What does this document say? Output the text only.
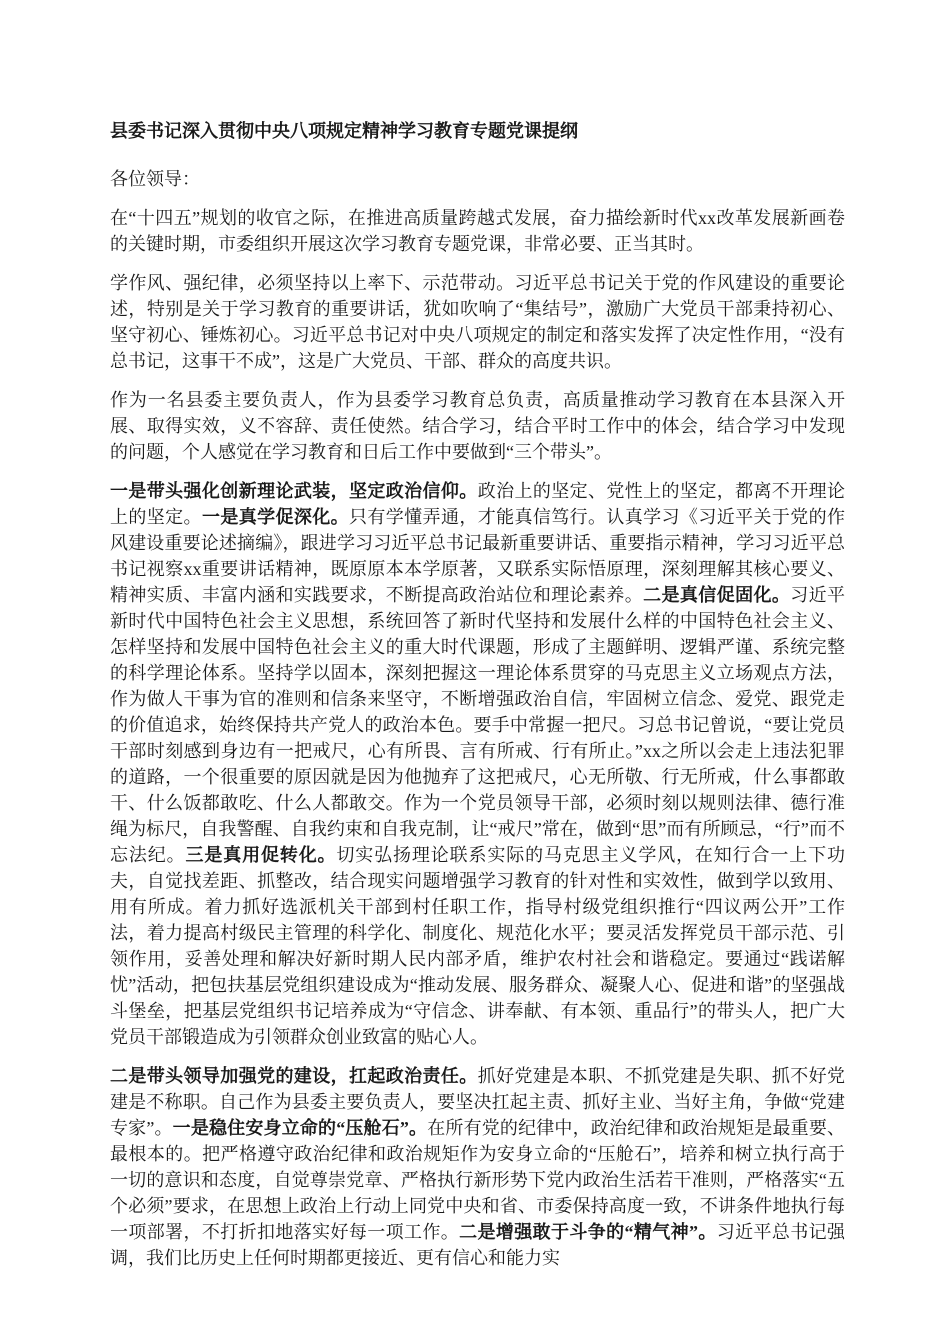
县委书记深入贯彻中央八项规定精神学习教育专题党课提纲

各位领导：

在“十四五”规划的收官之际，在推进高质量跨越式发展，奋力描绘新时代xx改革发展新画卷的关键时期，市委组织开展这次学习教育专题党课，非常必要、正当其时。

学作风、强纪律，必须坚持以上率下、示范带动。习近平总书记关于党的作风建设的重要论述，特别是关于学习教育的重要讲话，犹如吹响了“集结号”，激励广大党员干部秉持初心、坚守初心、锤炼初心。习近平总书记对中央八项规定的制定和落实发挥了决定性作用，“没有总书记，这事干不成”，这是广大党员、干部、群众的高度共识。

作为一名县委主要负责人，作为县委学习教育总负责，高质量推动学习教育在本县深入开展、取得实效，义不容辞、责任使然。结合学习，结合平时工作中的体会，结合学习中发现的问题，个人感觉在学习教育和日后工作中要做到“三个带头”。

一是带头强化创新理论武装，坚定政治信仰。政治上的坚定、党性上的坚定，都离不开理论上的坚定。一是真学促深化。只有学懂弄通，才能真信笃行。认真学习《习近平关于党的作风建设重要论述摘编》，跟进学习习近平总书记最新重要讲话、重要指示精神，学习习近平总书记视察xx重要讲话精神，既原原本本学原著，又联系实际悟原理，深刻理解其核心要义、精神实质、丰富内涵和实践要求，不断提高政治站位和理论素养。二是真信促固化。习近平新时代中国特色社会主义思想，系统回答了新时代坚持和发展什么样的中国特色社会主义、怎样坚持和发展中国特色社会主义的重大时代课题，形成了主题鲜明、逻辑严谨、系统完整的科学理论体系。坚持学以固本，深刻把握这一理论体系贯穿的马克思主义立场观点方法，作为做人干事为官的准则和信条来坚守，不断增强政治自信，牢固树立信念、爱党、跟党走的价值追求，始终保持共产党人的政治本色。要手中常握一把尺。习总书记曾说，“要让党员干部时刻感到身边有一把戒尺，心有所畏、言有所戒、行有所止。”xx之所以会走上违法犯罪的道路，一个很重要的原因就是因为他抛弃了这把戒尺，心无所敬、行无所戒，什么事都敢干、什么饭都敢吃、什么人都敢交。作为一个党员领导干部，必须时刻以规则法律、德行准绳为标尺，自我警醒、自我约束和自我克制，让“戒尺”常在，做到“思”而有所顾忌，“行”而不忘法纪。三是真用促转化。切实弘扬理论联系实际的马克思主义学风，在知行合一上下功夫，自觉找差距、抓整改，结合现实问题增强学习教育的针对性和实效性，做到学以致用、用有所成。着力抓好选派机关干部到村任职工作，指导村级党组织推行“四议两公开”工作法，着力提高村级民主管理的科学化、制度化、规范化水平；要灵活发挥党员干部示范、引领作用，妥善处理和解决好新时期人民内部矛盾，维护农村社会和谐稳定。要通过“践诺解忧”活动，把包扶基层党组织建设成为“推动发展、服务群众、凝聚人心、促进和谐”的坚强战斗堡垒，把基层党组织书记培养成为“守信念、讲奉献、有本领、重品行”的带头人，把广大党员干部锻造成为引领群众创业致富的贴心人。

二是带头领导加强党的建设，扛起政治责任。抓好党建是本职、不抓党建是失职、抓不好党建是不称职。自己作为县委主要负责人，要坚决扛起主责、抓好主业、当好主角，争做“党建专家”。一是稳住安身立命的“压舱石”。在所有党的纪律中，政治纪律和政治规矩是最重要、最根本的。把严格遵守政治纪律和政治规矩作为安身立命的“压舱石”，培养和树立执行高于一切的意识和态度，自觉尊崇党章、严格执行新形势下党内政治生活若干准则，严格落实“五个必须”要求，在思想上政治上行动上同党中央和省、市委保持高度一致，不讲条件地执行每一项部署，不打折扣地落实好每一项工作。二是增强敢于斗争的“精气神”。习近平总书记强调，我们比历史上任何时期都更接近、更有信心和能力实
